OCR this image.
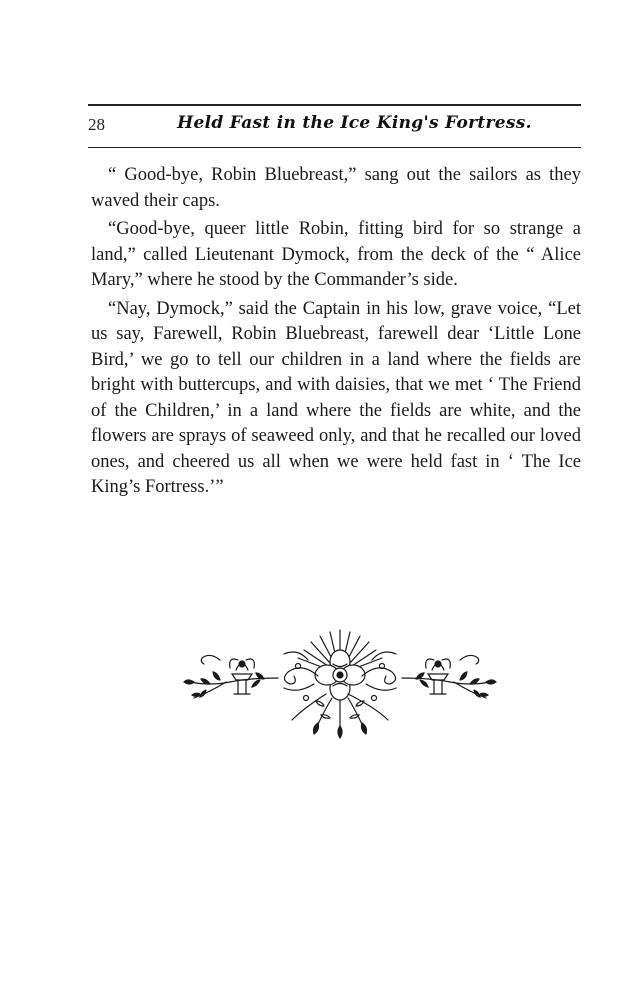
28	Held Fast in the Ice King's Fortress.

“ Good-bye, Robin Bluebreast,” sang out the sailors as they waved their caps.

“Good-bye, queer little Robin, fitting bird for so strange a land,” called Lieutenant Dymock, from the deck of the “ Alice Mary,” where he stood by the Commander’s side.

“Nay, Dymock,” said the Captain in his low, grave voice, “Let us say, Farewell, Robin Bluebreast, farewell dear ‘Little Lone Bird,’ we go to tell our children in a land where the fields are bright with buttercups, and with daisies, that we met ‘ The Friend of the Children,’ in a land where the fields are white, and the flowers are sprays of seaweed only, and that he recalled our loved ones, and cheered us all when we were held fast in ‘ The Ice King’s Fortress.’”
